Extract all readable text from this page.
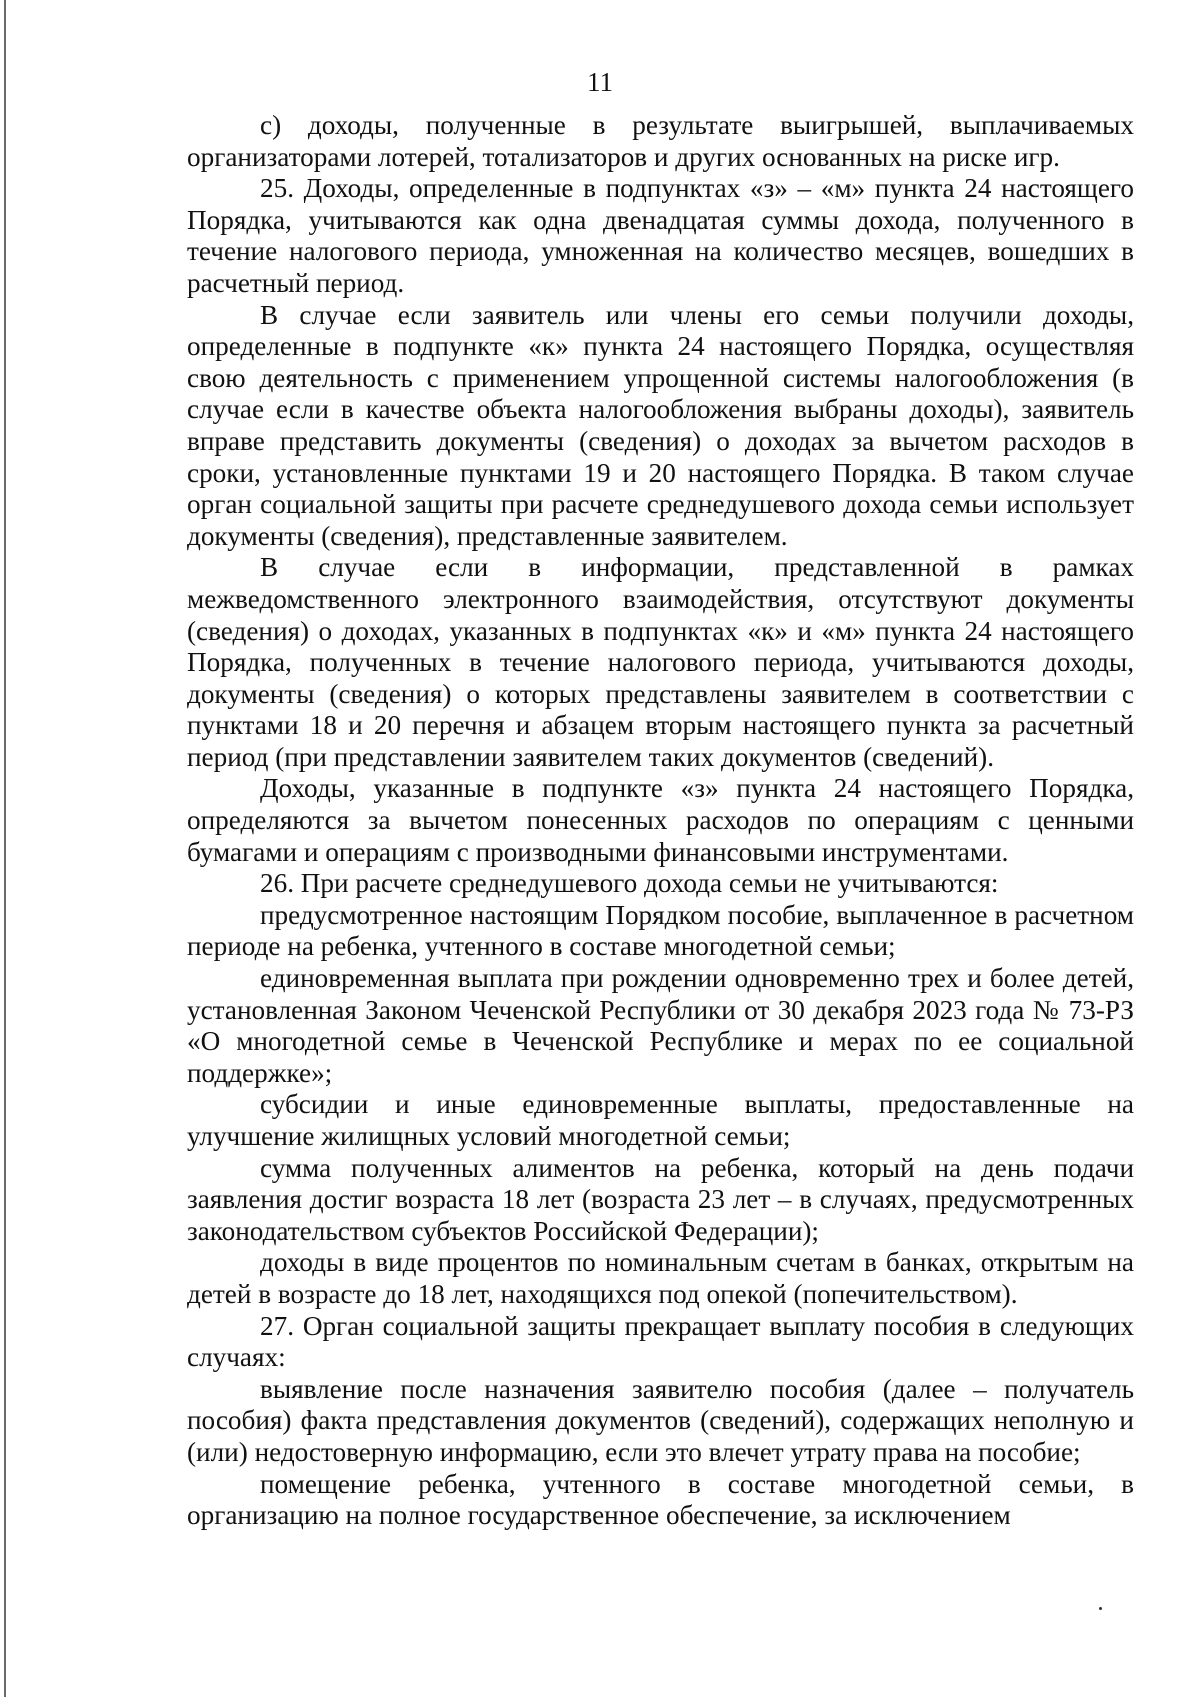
11

с) доходы, полученные в результате выигрышей, выплачиваемых организаторами лотерей, тотализаторов и других основанных на риске игр.

25. Доходы, определенные в подпунктах «з» – «м» пункта 24 настоящего Порядка, учитываются как одна двенадцатая суммы дохода, полученного в течение налогового периода, умноженная на количество месяцев, вошедших в расчетный период.

В случае если заявитель или члены его семьи получили доходы, определенные в подпункте «к» пункта 24 настоящего Порядка, осуществляя свою деятельность с применением упрощенной системы налогообложения (в случае если в качестве объекта налогообложения выбраны доходы), заявитель вправе представить документы (сведения) о доходах за вычетом расходов в сроки, установленные пунктами 19 и 20 настоящего Порядка. В таком случае орган социальной защиты при расчете среднедушевого дохода семьи использует документы (сведения), представленные заявителем.

В случае если в информации, представленной в рамках межведомственного электронного взаимодействия, отсутствуют документы (сведения) о доходах, указанных в подпунктах «к» и «м» пункта 24 настоящего Порядка, полученных в течение налогового периода, учитываются доходы, документы (сведения) о которых представлены заявителем в соответствии с пунктами 18 и 20 перечня и абзацем вторым настоящего пункта за расчетный период (при представлении заявителем таких документов (сведений).

Доходы, указанные в подпункте «з» пункта 24 настоящего Порядка, определяются за вычетом понесенных расходов по операциям с ценными бумагами и операциям с производными финансовыми инструментами.

26. При расчете среднедушевого дохода семьи не учитываются:

предусмотренное настоящим Порядком пособие, выплаченное в расчетном периоде на ребенка, учтенного в составе многодетной семьи;

единовременная выплата при рождении одновременно трех и более детей, установленная Законом Чеченской Республики от 30 декабря 2023 года № 73-РЗ «О многодетной семье в Чеченской Республике и мерах по ее социальной поддержке»;

субсидии и иные единовременные выплаты, предоставленные на улучшение жилищных условий многодетной семьи;

сумма полученных алиментов на ребенка, который на день подачи заявления достиг возраста 18 лет (возраста 23 лет – в случаях, предусмотренных законодательством субъектов Российской Федерации);

доходы в виде процентов по номинальным счетам в банках, открытым на детей в возрасте до 18 лет, находящихся под опекой (попечительством).

27. Орган социальной защиты прекращает выплату пособия в следующих случаях:

выявление после назначения заявителю пособия (далее – получатель пособия) факта представления документов (сведений), содержащих неполную и (или) недостоверную информацию, если это влечет утрату права на пособие;

помещение ребенка, учтенного в составе многодетной семьи, в организацию на полное государственное обеспечение, за исключением
